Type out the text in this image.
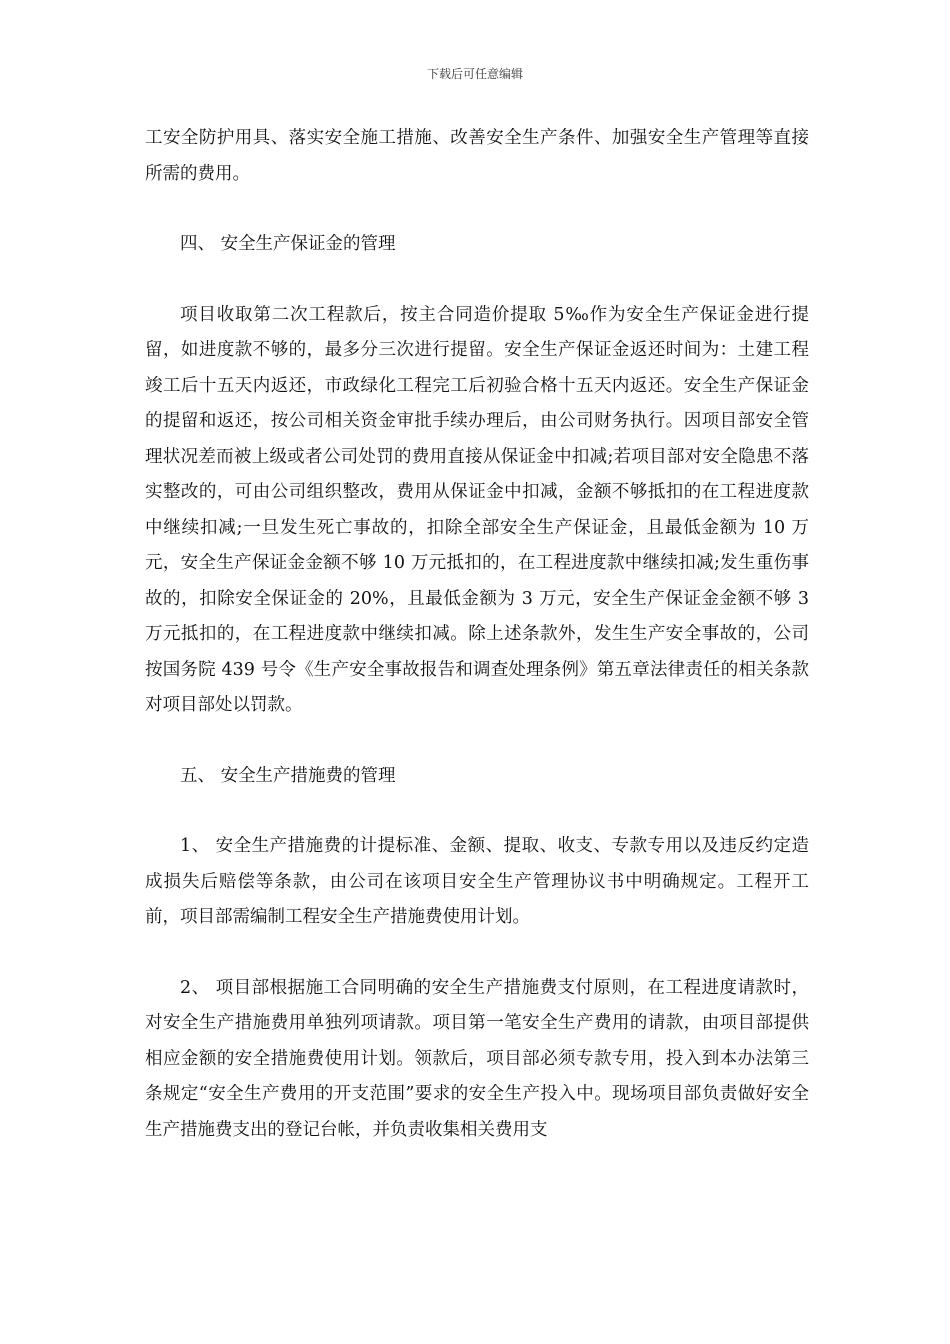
下载后可任意编辑

工安全防护用具、落实安全施工措施、改善安全生产条件、加强安全生产管理等直接所需的费用。

四、 安全生产保证金的管理

项目收取第二次工程款后，按主合同造价提取 5‰作为安全生产保证金进行提留，如进度款不够的，最多分三次进行提留。安全生产保证金返还时间为：土建工程竣工后十五天内返还，市政绿化工程完工后初验合格十五天内返还。安全生产保证金的提留和返还，按公司相关资金审批手续办理后，由公司财务执行。因项目部安全管理状况差而被上级或者公司处罚的费用直接从保证金中扣减;若项目部对安全隐患不落实整改的，可由公司组织整改，费用从保证金中扣减，金额不够抵扣的在工程进度款中继续扣减;一旦发生死亡事故的，扣除全部安全生产保证金，且最低金额为 10 万元，安全生产保证金金额不够 10 万元抵扣的，在工程进度款中继续扣减;发生重伤事故的，扣除安全保证金的 20%，且最低金额为 3 万元，安全生产保证金金额不够 3 万元抵扣的，在工程进度款中继续扣减。除上述条款外，发生生产安全事故的，公司按国务院 439 号令《生产安全事故报告和调查处理条例》第五章法律责任的相关条款对项目部处以罚款。

五、 安全生产措施费的管理

1、 安全生产措施费的计提标准、金额、提取、收支、专款专用以及违反约定造成损失后赔偿等条款，由公司在该项目安全生产管理协议书中明确规定。工程开工前，项目部需编制工程安全生产措施费使用计划。

2、 项目部根据施工合同明确的安全生产措施费支付原则，在工程进度请款时，对安全生产措施费用单独列项请款。项目第一笔安全生产费用的请款，由项目部提供相应金额的安全措施费使用计划。领款后，项目部必须专款专用，投入到本办法第三条规定“安全生产费用的开支范围”要求的安全生产投入中。现场项目部负责做好安全生产措施费支出的登记台帐，并负责收集相关费用支
